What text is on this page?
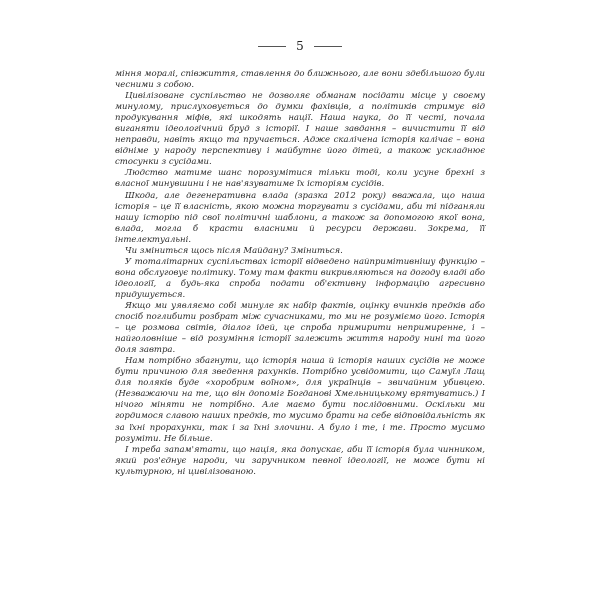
5

міння моралі, співжиття, ставлення до ближнього, але вони здебільшого були чесними з собою.

Цивілізоване суспільство не дозволяє обманам посідати місце у своєму минулому, прислуховується до думки фахівців, а політиків стримує від продукування міфів, які шкодять нації. Наша наука, до її честі, почала виганяти ідеологічний бруд з історії. І наше завдання – вичистити її від неправди, навіть якщо та пручається. Адже скалічена історія калічає – вона відніме у народу перспективу і майбутнє його дітей, а також ускладнює стосунки з сусідами.

Людство матиме шанс порозумітися тільки тоді, коли усуне брехні з власної минувшини і не нав'язуватиме їх історіям сусідів.

Шкода, але дегенеративна влада (зразка 2012 року) вважала, що наша історія – це її власність, якою можна торгувати з сусідами, аби ті підганяли нашу історію під свої політичні шаблони, а також за допомогою якої вона, влада, могла б красти власними й ресурси держави. Зокрема, її інтелектуальні.

Чи зміниться щось після Майдану? Зміниться.

У тоталітарних суспільствах історії відведено найпримітивнішу функцію – вона обслуговує політику. Тому там факти викривляються на догоду владі або ідеології, а будь-яка спроба подати об'єктивну інформацію агресивно придушується.

Якщо ми уявляємо собі минуле як набір фактів, оцінку вчинків предків або спосіб поглибити розбрат між сучасниками, то ми не розуміємо його. Історія – це розмова світів, діалог ідей, це спроба примирити непримиренне, і – найголовніше – від розуміння історії залежить життя народу нині та його доля завтра.

Нам потрібно збагнути, що історія наша й історія наших сусідів не може бути причиною для зведення рахунків. Потрібно усвідомити, що Самуїл Лащ для поляків буде «хоробрим воїном», для українців – звичайним убивцею. (Незважаючи на те, що він допоміг Богданові Хмельницькому врятуватись.) І нічого міняти не потрібно. Але маємо бути послідовними. Оскільки ми гордимося славою наших предків, то мусимо брати на себе відповідальність як за їхні прорахунки, так і за їхні злочини. А було і те, і те. Просто мусимо розуміти. Не більше.

І треба запам'ятати, що нація, яка допускає, аби її історія була чинником, який роз'єднує народи, чи заручником певної ідеології, не може бути ні культурною, ні цивілізованою.
